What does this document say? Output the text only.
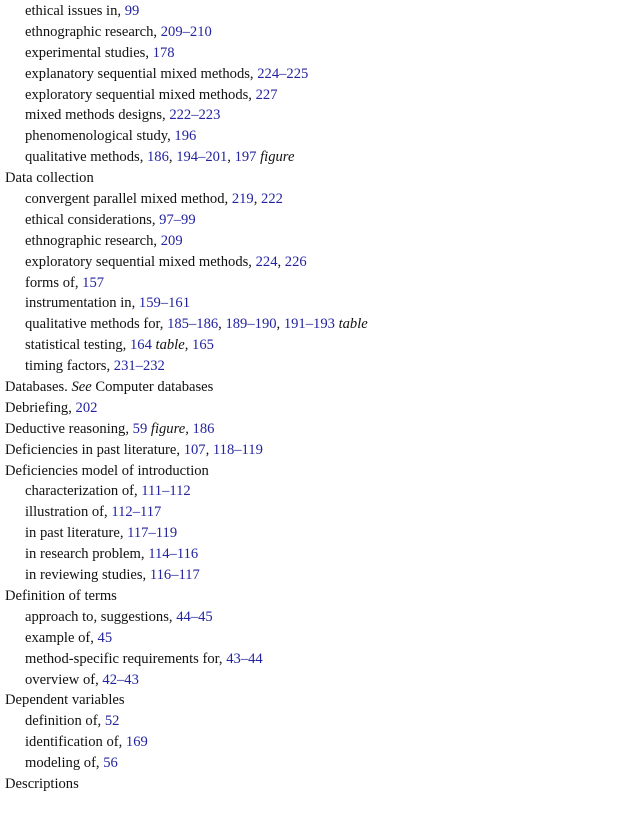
ethical issues in, 99
ethnographic research, 209–210
experimental studies, 178
explanatory sequential mixed methods, 224–225
exploratory sequential mixed methods, 227
mixed methods designs, 222–223
phenomenological study, 196
qualitative methods, 186, 194–201, 197 figure
Data collection
convergent parallel mixed method, 219, 222
ethical considerations, 97–99
ethnographic research, 209
exploratory sequential mixed methods, 224, 226
forms of, 157
instrumentation in, 159–161
qualitative methods for, 185–186, 189–190, 191–193 table
statistical testing, 164 table, 165
timing factors, 231–232
Databases. See Computer databases
Debriefing, 202
Deductive reasoning, 59 figure, 186
Deficiencies in past literature, 107, 118–119
Deficiencies model of introduction
characterization of, 111–112
illustration of, 112–117
in past literature, 117–119
in research problem, 114–116
in reviewing studies, 116–117
Definition of terms
approach to, suggestions, 44–45
example of, 45
method-specific requirements for, 43–44
overview of, 42–43
Dependent variables
definition of, 52
identification of, 169
modeling of, 56
Descriptions
